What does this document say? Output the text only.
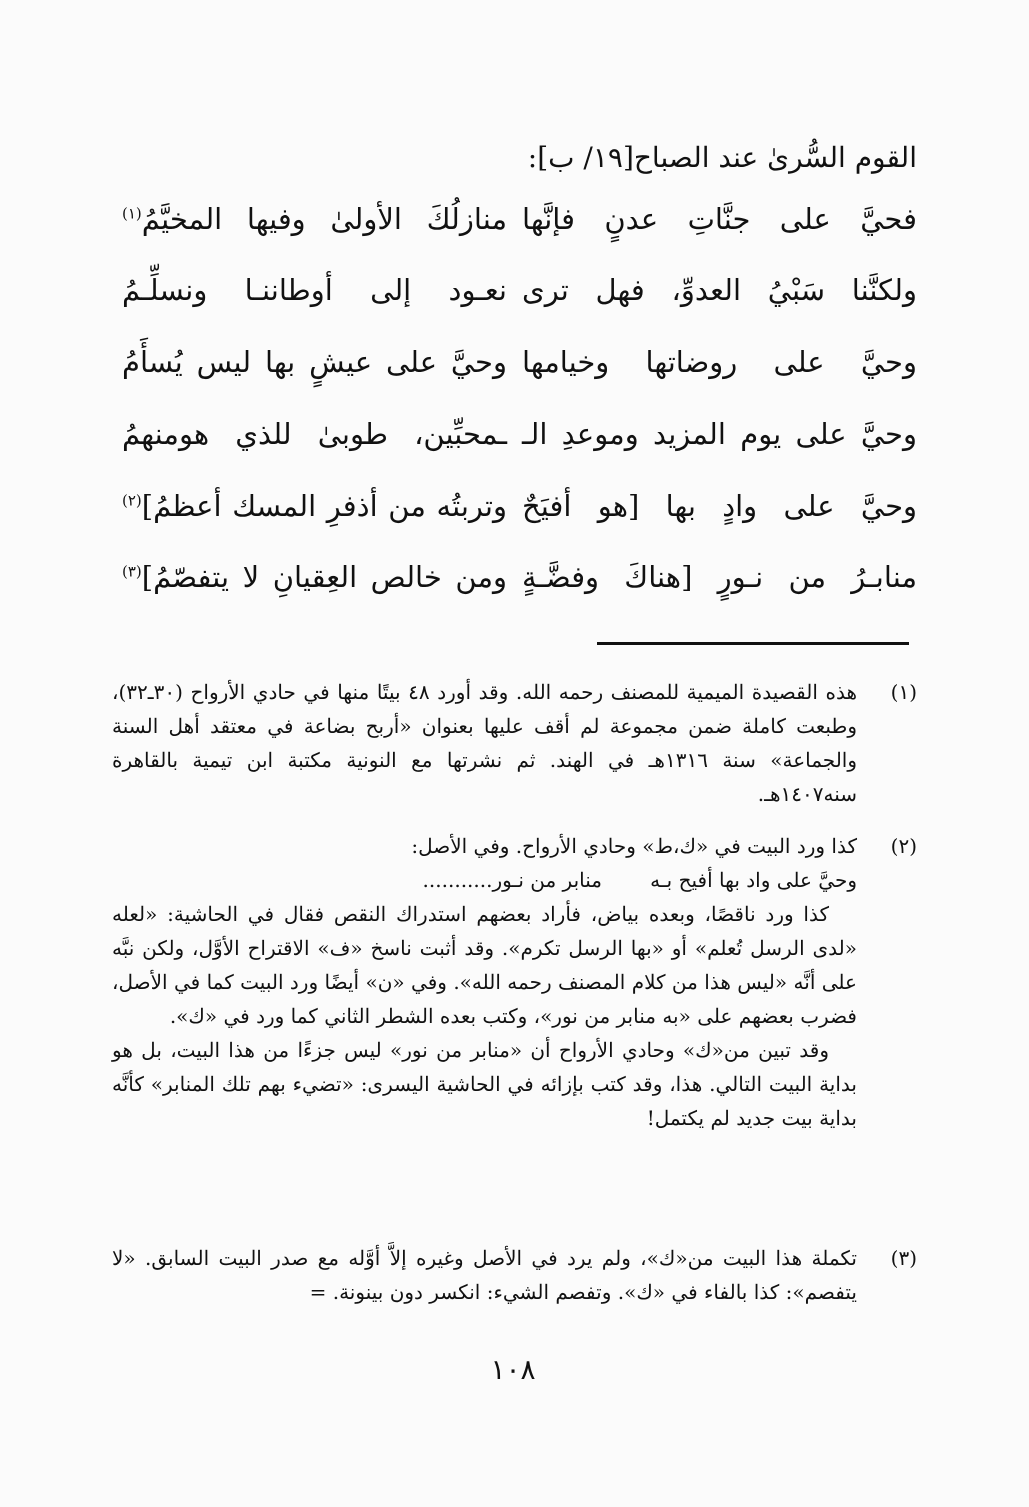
القوم السُّرىٰ عند الصباح[١٩/ ب]:
فحيَّ على جنَّاتِ عدنٍ فإنَّها
منازلُكَ الأولىٰ وفيها المخيَّمُ$^{(١)}$
ولكنَّنا سَبْيُ العدوِّ، فهل ترى
نعـود إلى أوطاننـا ونسلِّـمُ
وحيَّ على روضاتها وخيامها
وحيَّ على عيشٍ بها ليس يُسأَمُ
وحيَّ على يوم المزيد وموعدِ الـ
ـمحبِّين، طوبىٰ للذي هومنهمُ
وحيَّ على وادٍ بها [هو أفيَحٌ
وتربتُه من أذفرِ المسك أعظمُ]$^{(٢)}$
منابـرُ من نـورٍ [هناكَ وفضَّـةٍ
ومن خالص العِقيانِ لا يتفصّمُ]$^{(٣)}$
(١)

هذه القصيدة الميمية للمصنف رحمه الله. وقد أورد ٤٨ بيتًا منها في حادي الأرواح (٣٠ـ٣٢)، وطبعت كاملة ضمن مجموعة لم أقف عليها بعنوان «أربح بضاعة في معتقد أهل السنة والجماعة» سنة ١٣١٦هـ في الهند. ثم نشرتها مع النونية مكتبة ابن تيمية بالقاهرة سنه١٤٠٧هـ.

(٢)

كذا ورد البيت في «ك،ط» وحادي الأرواح. وفي الأصل:

وحيَّ على واد بها أفيح بـه
منابر من نـور...........

كذا ورد ناقصًا، وبعده بياض، فأراد بعضهم استدراك النقص فقال في الحاشية: «لعله «لدى الرسل تُعلم» أو «بها الرسل تكرم». وقد أثبت ناسخ «ف» الاقتراح الأوَّل، ولكن نبَّه على أنَّه «ليس هذا من كلام المصنف رحمه الله». وفي «ن» أيضًا ورد البيت كما في الأصل، فضرب بعضهم على «به منابر من نور»، وكتب بعده الشطر الثاني كما ورد في «ك».

وقد تبين من«ك» وحادي الأرواح أن «منابر من نور» ليس جزءًا من هذا البيت، بل هو بداية البيت التالي. هذا، وقد كتب بإزائه في الحاشية اليسرى: «تضيء بهم تلك المنابر» كأنَّه بداية بيت جديد لم يكتمل!

(٣)

تكملة هذا البيت من«ك»، ولم يرد في الأصل وغيره إلاَّ أوَّله مع صدر البيت السابق. «لا يتفصم»: كذا بالفاء في «ك». وتفصم الشيء: انكسر دون بينونة. =

١٠٨
